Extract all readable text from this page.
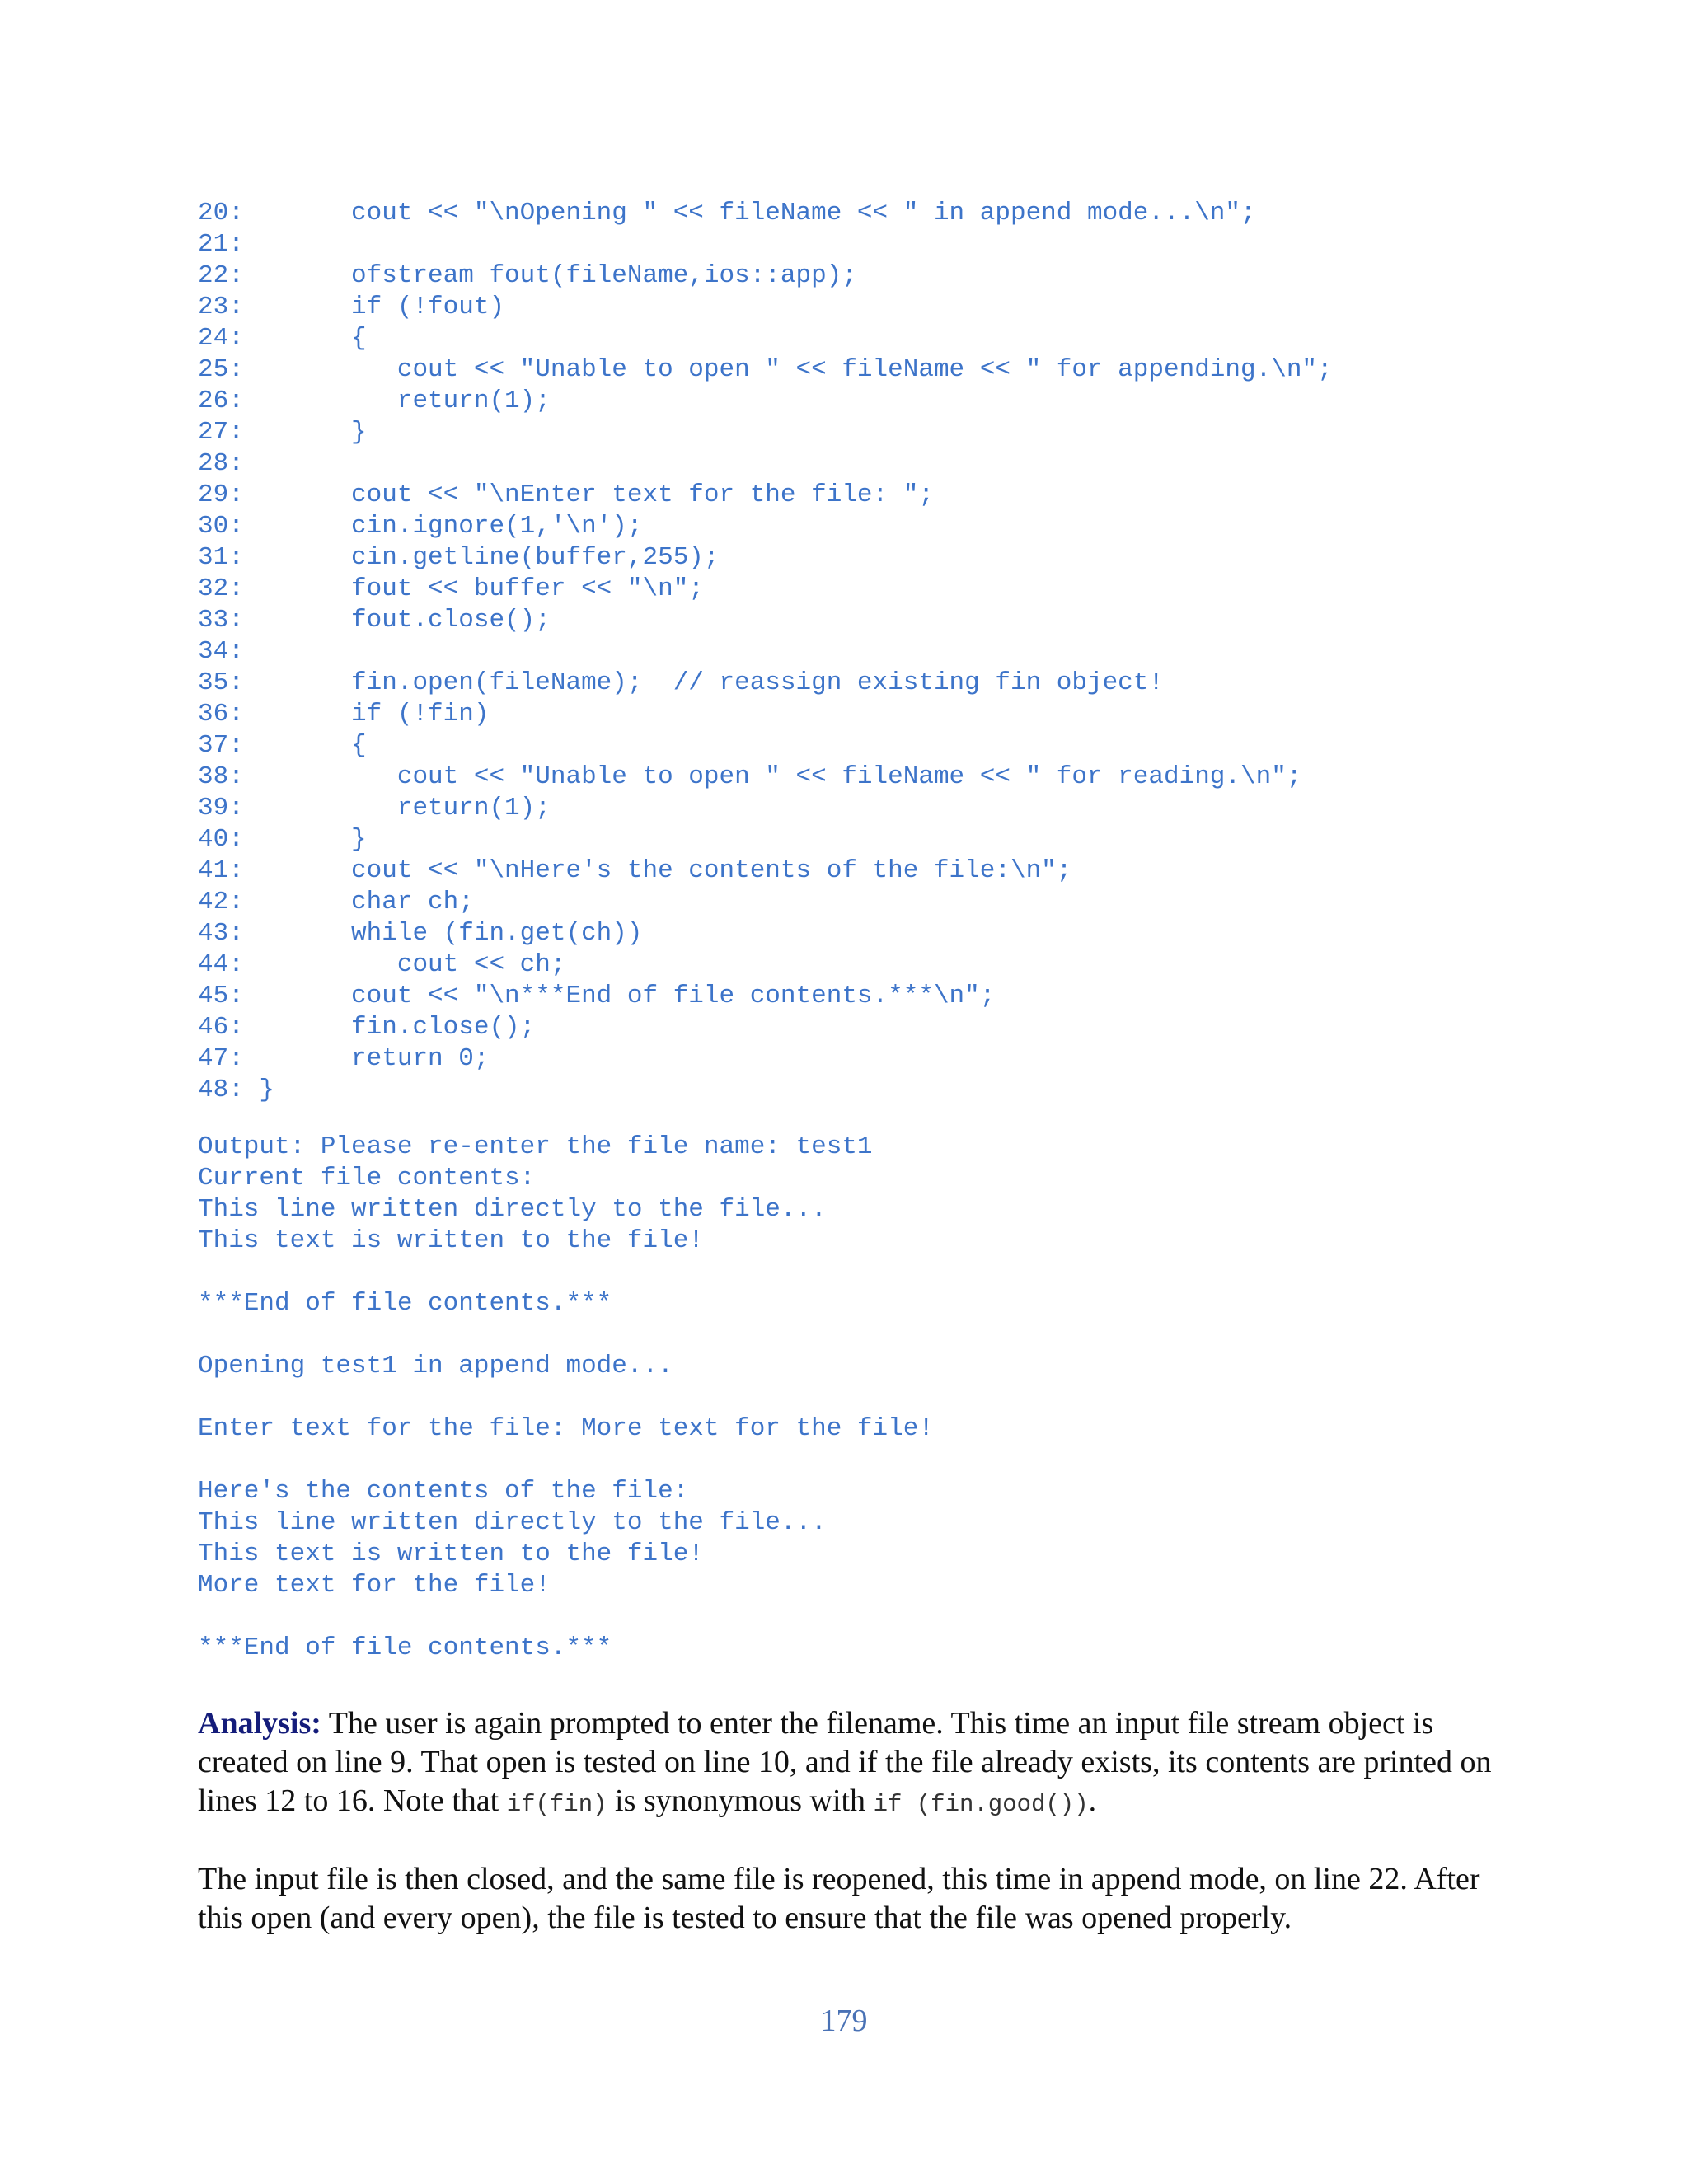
20:       cout << "\nOpening " << fileName << " in append mode...\n";
21:
22:       ofstream fout(fileName,ios::app);
23:       if (!fout)
24:       {
25:          cout << "Unable to open " << fileName << " for appending.\n";
26:          return(1);
27:       }
28:
29:       cout << "\nEnter text for the file: ";
30:       cin.ignore(1,'\n');
31:       cin.getline(buffer,255);
32:       fout << buffer << "\n";
33:       fout.close();
34:
35:       fin.open(fileName);  // reassign existing fin object!
36:       if (!fin)
37:       {
38:          cout << "Unable to open " << fileName << " for reading.\n";
39:          return(1);
40:       }
41:       cout << "\nHere's the contents of the file:\n";
42:       char ch;
43:       while (fin.get(ch))
44:          cout << ch;
45:       cout << "\n***End of file contents.***\n";
46:       fin.close();
47:       return 0;
48: }
Output: Please re-enter the file name: test1
Current file contents:
This line written directly to the file...
This text is written to the file!
***End of file contents.***
Opening test1 in append mode...
Enter text for the file: More text for the file!
Here's the contents of the file:
This line written directly to the file...
This text is written to the file!
More text for the file!
***End of file contents.***

Analysis: The user is again prompted to enter the filename. This time an input file stream object is created on line 9. That open is tested on line 10, and if the file already exists, its contents are printed on lines 12 to 16. Note that if(fin) is synonymous with if (fin.good()).

The input file is then closed, and the same file is reopened, this time in append mode, on line 22. After this open (and every open), the file is tested to ensure that the file was opened properly.

179
